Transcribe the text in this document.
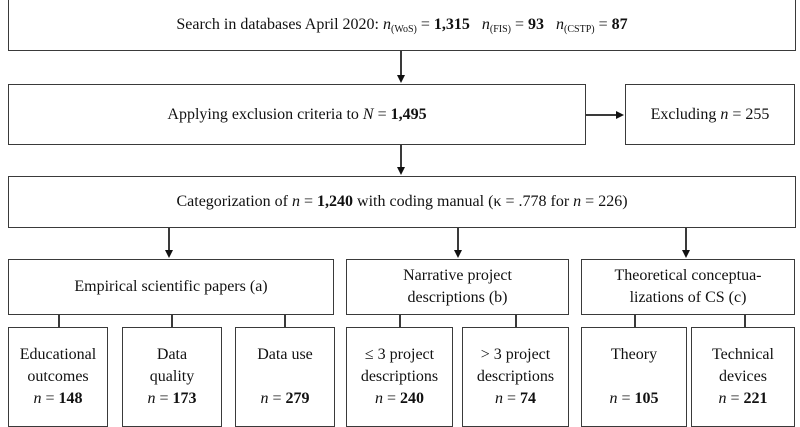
Search in databases April 2020: $n_{(WoS)} = 1,315$ $n_{(FIS)} = 93$ $n_{(CSTP)} = 87$
Applying exclusion criteria to N = 1,495	Excluding n = 255
Categorization of n = 1,240 with coding manual (κ = .778 for n = 226)
Empirical scientific papers (a)
Narrative project
descriptions (b)
Theoretical conceptua-
lizations of CS (c)
Educational
outcomes
n = 148
Data
quality
n = 173
Data use

n = 279
≤ 3 project
descriptions
n = 240
> 3 project
descriptions
n = 74
Theory

n = 105
Technical
devices
n = 221
